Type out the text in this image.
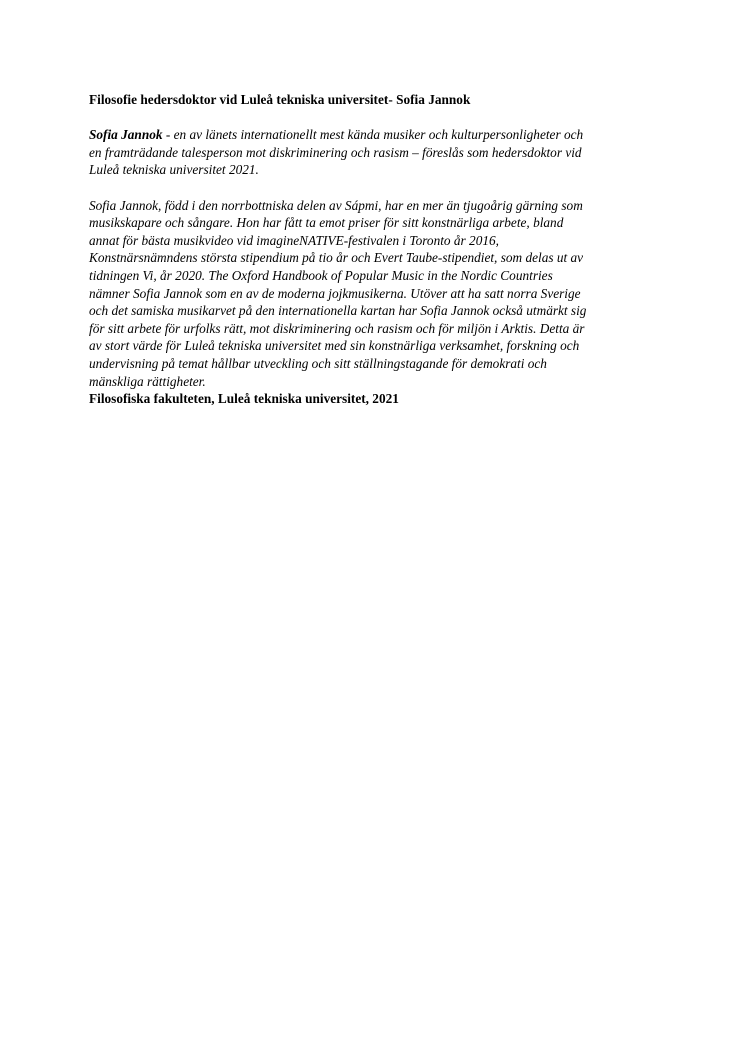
Filosofie hedersdoktor vid Luleå tekniska universitet- Sofia Jannok

Sofia Jannok - en av länets internationellt mest kända musiker och kulturpersonligheter och
en framträdande talesperson mot diskriminering och rasism – föreslås som hedersdoktor vid
Luleå tekniska universitet 2021.

Sofia Jannok, född i den norrbottniska delen av Sápmi, har en mer än tjugoårig gärning som
musikskapare och sångare. Hon har fått ta emot priser för sitt konstnärliga arbete, bland
annat för bästa musikvideo vid imagineNATIVE-festivalen i Toronto år 2016,
Konstnärsnämndens största stipendium på tio år och Evert Taube-stipendiet, som delas ut av
tidningen Vi, år 2020. The Oxford Handbook of Popular Music in the Nordic Countries
nämner Sofia Jannok som en av de moderna jojkmusikerna. Utöver att ha satt norra Sverige
och det samiska musikarvet på den internationella kartan har Sofia Jannok också utmärkt sig
för sitt arbete för urfolks rätt, mot diskriminering och rasism och för miljön i Arktis. Detta är
av stort värde för Luleå tekniska universitet med sin konstnärliga verksamhet, forskning och
undervisning på temat hållbar utveckling och sitt ställningstagande för demokrati och
mänskliga rättigheter.

Filosofiska fakulteten, Luleå tekniska universitet, 2021
